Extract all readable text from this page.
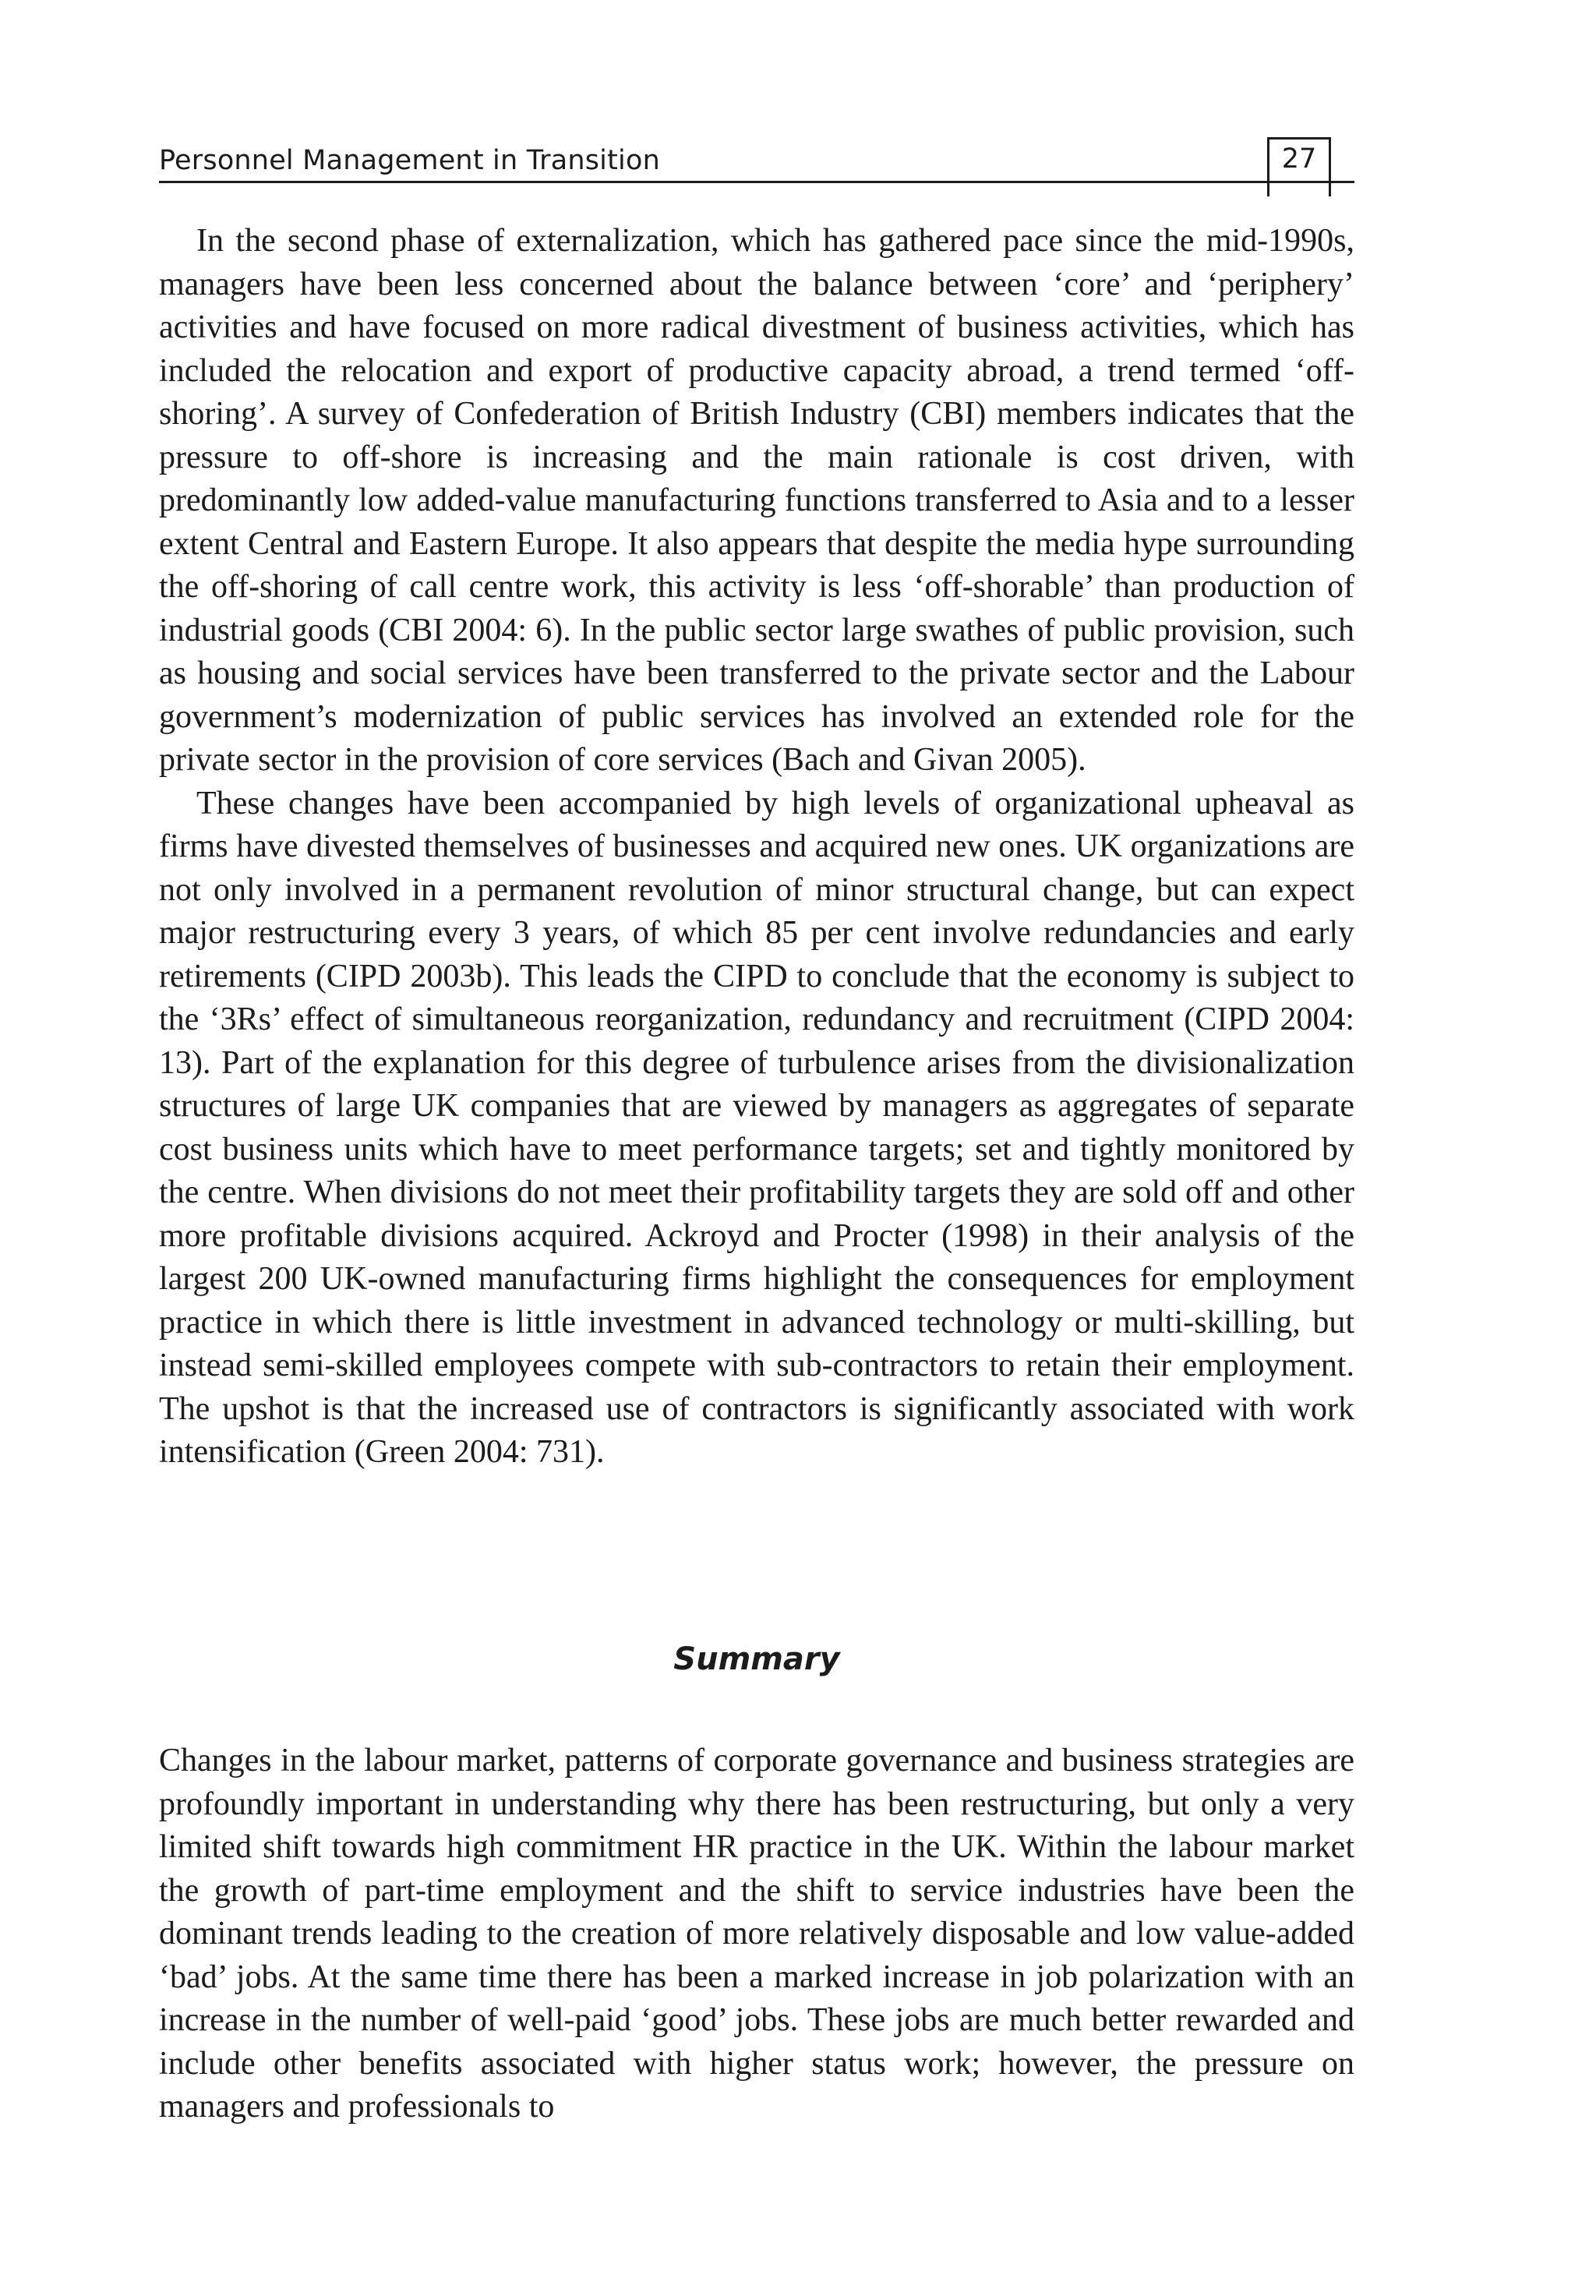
Personnel Management in Transition	27

In the second phase of externalization, which has gathered pace since the mid-1990s, managers have been less concerned about the balance between ‘core’ and ‘periphery’ activities and have focused on more radical divestment of business activities, which has included the relocation and export of productive capacity abroad, a trend termed ‘off-shoring’. A survey of Confederation of British Industry (CBI) members indicates that the pressure to off-shore is increasing and the main rationale is cost driven, with predominantly low added-value manufacturing functions transferred to Asia and to a lesser extent Central and Eastern Europe. It also appears that despite the media hype surrounding the off-shoring of call centre work, this activity is less ‘off-shorable’ than production of industrial goods (CBI 2004: 6). In the public sector large swathes of public provision, such as housing and social services have been transferred to the private sector and the Labour government’s modernization of public services has involved an extended role for the private sector in the provision of core services (Bach and Givan 2005).

These changes have been accompanied by high levels of organizational upheaval as firms have divested themselves of businesses and acquired new ones. UK organizations are not only involved in a permanent revolution of minor structural change, but can expect major restructuring every 3 years, of which 85 per cent involve redundancies and early retirements (CIPD 2003b). This leads the CIPD to conclude that the economy is subject to the ‘3Rs’ effect of simultaneous reorganization, redundancy and recruitment (CIPD 2004: 13). Part of the explanation for this degree of turbulence arises from the divisionalization structures of large UK companies that are viewed by managers as aggregates of separate cost business units which have to meet performance targets; set and tightly monitored by the centre. When divisions do not meet their profitability targets they are sold off and other more profitable divisions acquired. Ackroyd and Procter (1998) in their analysis of the largest 200 UK-owned manufacturing firms highlight the consequences for employment practice in which there is little investment in advanced technology or multi-skilling, but instead semi-skilled employees compete with sub-contractors to retain their employment. The upshot is that the increased use of contractors is significantly associated with work intensification (Green 2004: 731).

Summary

Changes in the labour market, patterns of corporate governance and business strategies are profoundly important in understanding why there has been restructuring, but only a very limited shift towards high commitment HR practice in the UK. Within the labour market the growth of part-time employment and the shift to service industries have been the dominant trends leading to the creation of more relatively disposable and low value-added ‘bad’ jobs. At the same time there has been a marked increase in job polarization with an increase in the number of well-paid ‘good’ jobs. These jobs are much better rewarded and include other benefits associated with higher status work; however, the pressure on managers and professionals to
